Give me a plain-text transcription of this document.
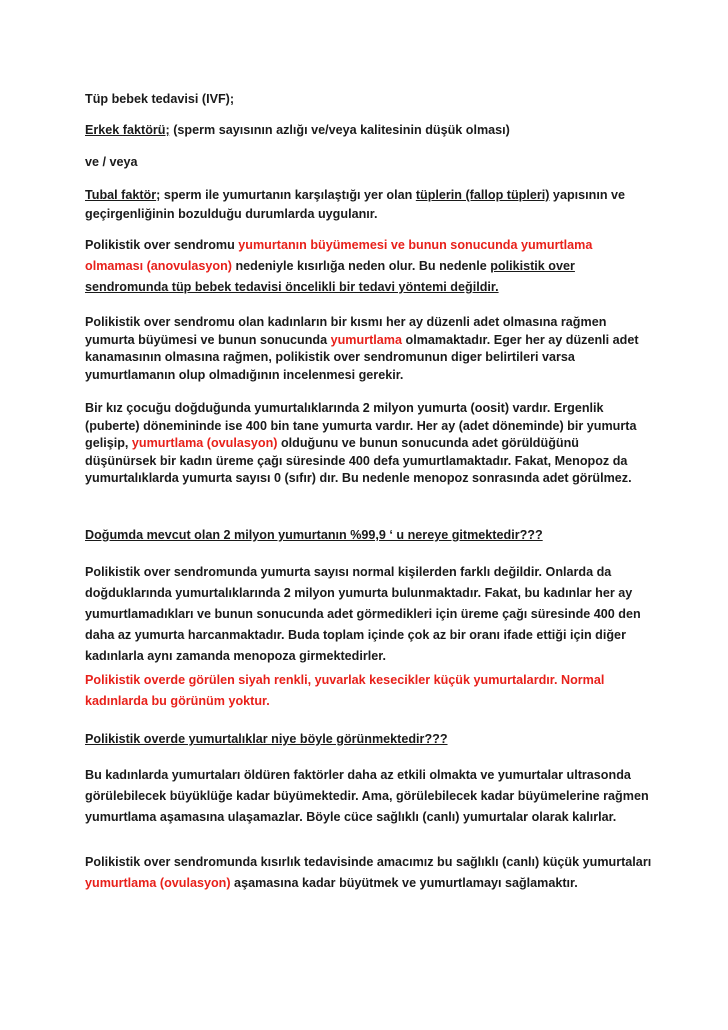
Tüp bebek tedavisi (IVF);

Erkek faktörü; (sperm sayısının azlığı ve/veya kalitesinin düşük olması)

ve / veya

Tubal faktör; sperm ile yumurtanın karşılaştığı yer olan tüplerin (fallop tüpleri) yapısının ve geçirgenliğinin bozulduğu durumlarda uygulanır.

Polikistik over sendromu yumurtanın büyümemesi ve bunun sonucunda yumurtlama olmaması (anovulasyon) nedeniyle kısırlığa neden olur. Bu nedenle polikistik over sendromunda tüp bebek tedavisi öncelikli bir tedavi yöntemi değildir.

Polikistik over sendromu olan kadınların bir kısmı her ay düzenli adet olmasına rağmen yumurta büyümesi ve bunun sonucunda yumurtlama olmamaktadır. Eger her ay düzenli adet kanamasının olmasına rağmen, polikistik over sendromunun diger belirtileri varsa yumurtlamanın olup olmadığının incelenmesi gerekir.

Bir kız çocuğu doğduğunda yumurtalıklarında 2 milyon yumurta (oosit) vardır. Ergenlik (puberte) dönemininde ise 400 bin tane yumurta vardır. Her ay (adet döneminde) bir yumurta gelişip, yumurtlama (ovulasyon) olduğunu ve bunun sonucunda adet görüldüğünü düşünürsek bir kadın üreme çağı süresinde 400 defa yumurtlamaktadır. Fakat, Menopoz da yumurtalıklarda yumurta sayısı 0 (sıfır) dır. Bu nedenle menopoz sonrasında adet görülmez.

Doğumda mevcut olan 2 milyon yumurtanın %99,9 ‘ u nereye gitmektedir???

Polikistik over sendromunda yumurta sayısı normal kişilerden farklı değildir. Onlarda da doğduklarında yumurtalıklarında 2 milyon yumurta bulunmaktadır. Fakat, bu kadınlar her ay yumurtlamadıkları ve bunun sonucunda adet görmedikleri için üreme çağı süresinde 400 den daha az yumurta harcanmaktadır. Buda toplam içinde çok az bir oranı ifade ettiği için diğer kadınlarla aynı zamanda menopoza girmektedirler.

Polikistik overde görülen siyah renkli, yuvarlak kesecikler küçük yumurtalardır. Normal kadınlarda bu görünüm yoktur.

Polikistik overde yumurtalıklar niye böyle görünmektedir???

Bu kadınlarda yumurtaları öldüren faktörler daha az etkili olmakta ve yumurtalar ultrasonda görülebilecek büyüklüğe kadar büyümektedir. Ama, görülebilecek kadar büyümelerine rağmen yumurtlama aşamasına ulaşamazlar. Böyle cüce sağlıklı (canlı) yumurtalar olarak kalırlar.

Polikistik over sendromunda kısırlık tedavisinde amacımız bu sağlıklı (canlı) küçük yumurtaları yumurtlama (ovulasyon) aşamasına kadar büyütmek ve yumurtlamayı sağlamaktır.
